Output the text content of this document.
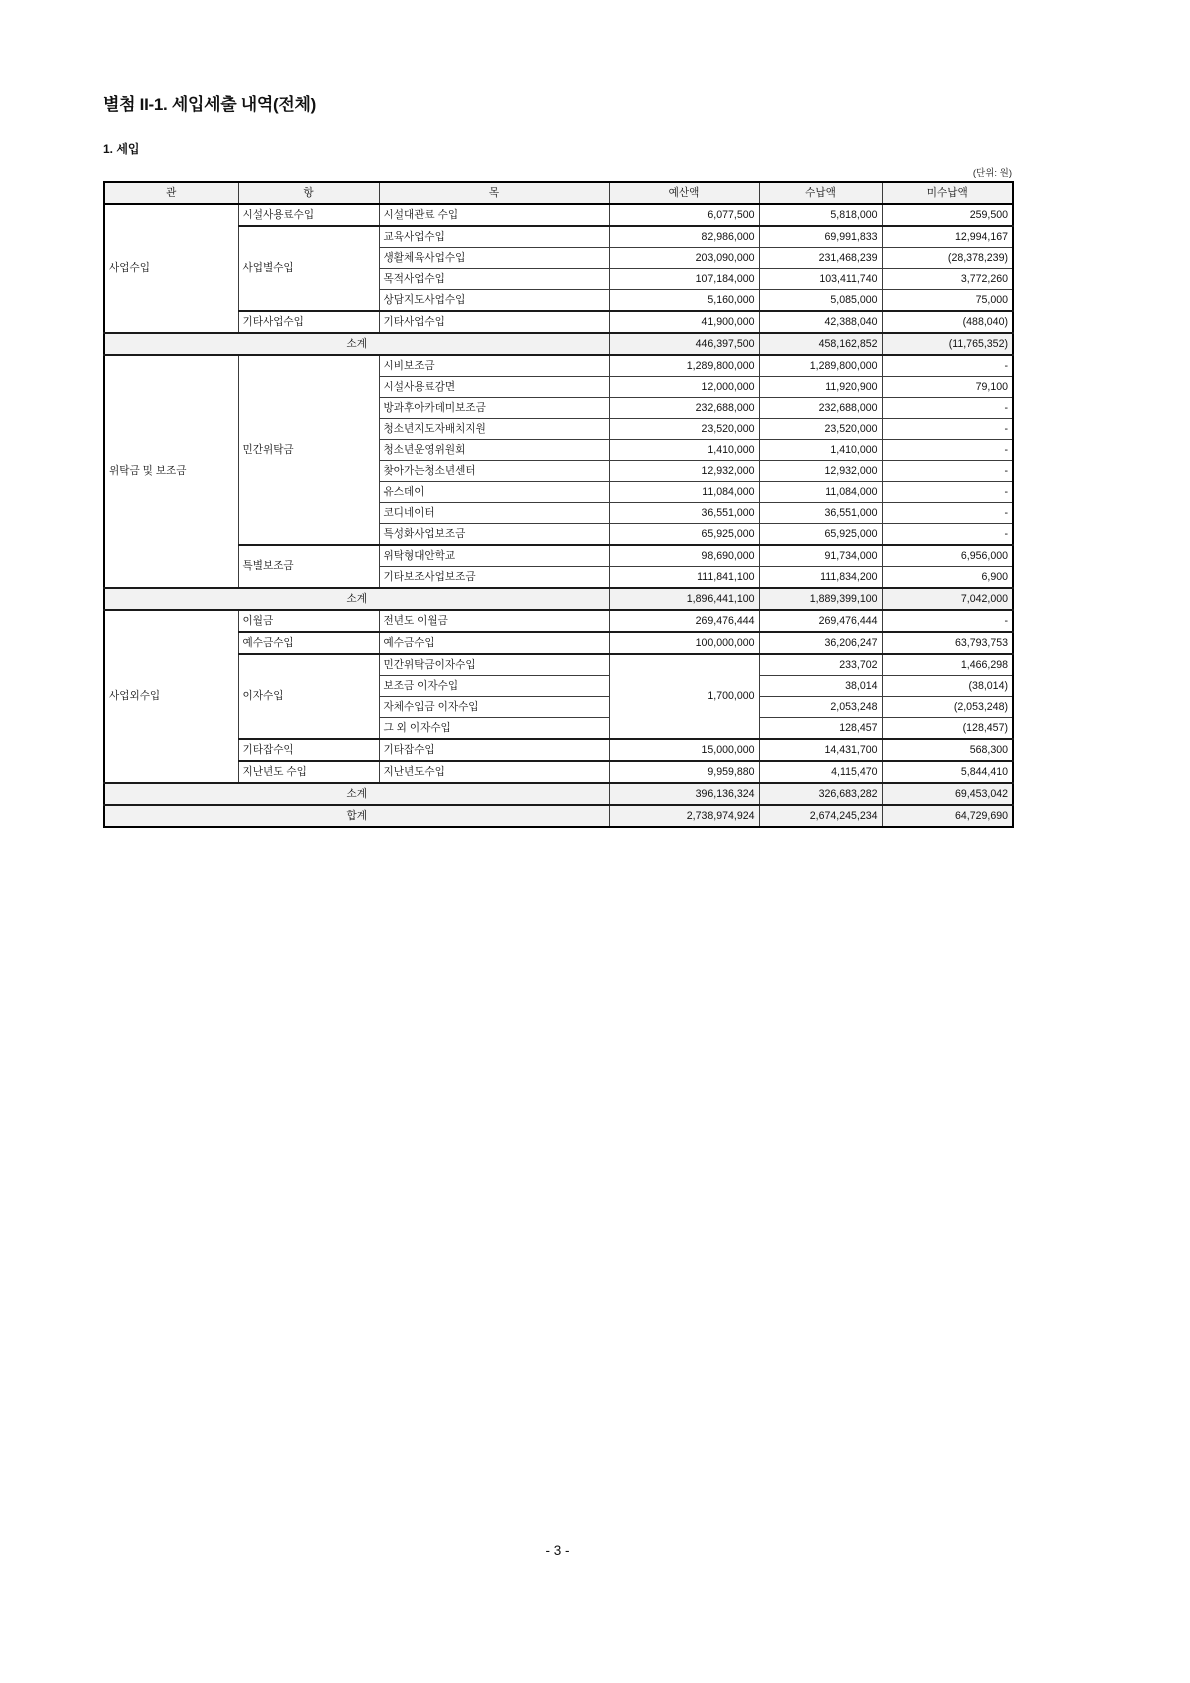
별첨 II-1. 세입세출 내역(전체)
1. 세입
(단위: 원)
관	항	목	예산액	수납액	미수납액
사업수입	시설사용료수입	시설대관료 수입	6,077,500	5,818,000	259,500
	사업별수입	교육사업수입	82,986,000	69,991,833	12,994,167
		생활체육사업수입	203,090,000	231,468,239	(28,378,239)
		목적사업수입	107,184,000	103,411,740	3,772,260
		상담지도사업수입	5,160,000	5,085,000	75,000
	기타사업수입	기타사업수입	41,900,000	42,388,040	(488,040)
소계			446,397,500	458,162,852	(11,765,352)
위탁금 및 보조금	민간위탁금	시비보조금	1,289,800,000	1,289,800,000	-
		시설사용료감면	12,000,000	11,920,900	79,100
		방과후아카데미보조금	232,688,000	232,688,000	-
		청소년지도자배치지원	23,520,000	23,520,000	-
		청소년운영위원회	1,410,000	1,410,000	-
		찾아가는청소년센터	12,932,000	12,932,000	-
		유스데이	11,084,000	11,084,000	-
		코디네이터	36,551,000	36,551,000	-
		특성화사업보조금	65,925,000	65,925,000	-
	특별보조금	위탁형대안학교	98,690,000	91,734,000	6,956,000
		기타보조사업보조금	111,841,100	111,834,200	6,900
소계			1,896,441,100	1,889,399,100	7,042,000
사업외수입	이월금	전년도 이월금	269,476,444	269,476,444	-
	예수금수입	예수금수입	100,000,000	36,206,247	63,793,753
	이자수입	민간위탁금이자수입	1,700,000	233,702	1,466,298
		보조금 이자수입		38,014	(38,014)
		자체수입금 이자수입		2,053,248	(2,053,248)
		그 외 이자수입		128,457	(128,457)
	기타잡수익	기타잡수입	15,000,000	14,431,700	568,300
	지난년도 수입	지난년도수입	9,959,880	4,115,470	5,844,410
소계			396,136,324	326,683,282	69,453,042
합계			2,738,974,924	2,674,245,234	64,729,690
- 3 -
